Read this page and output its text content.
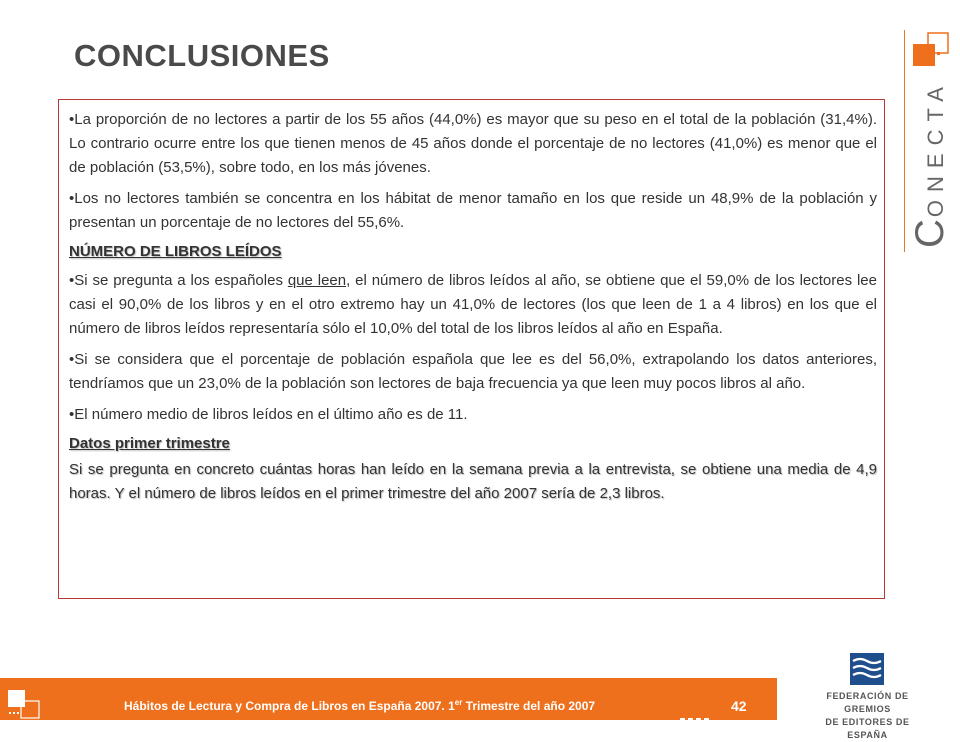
CONCLUSIONES
CONECTA

•La proporción de no lectores a partir de los 55 años (44,0%) es mayor que su peso en el total de la población (31,4%). Lo contrario ocurre entre los que tienen menos de 45 años donde el porcentaje de no lectores (41,0%) es menor que el de población (53,5%), sobre todo, en los más jóvenes.

•Los no lectores también se concentra en los hábitat de menor tamaño en los que reside un 48,9% de la población y presentan un porcentaje de no lectores del 55,6%.

NÚMERO DE LIBROS LEÍDOS

•Si se pregunta a los españoles que leen, el número de libros leídos al año, se obtiene que el 59,0% de los lectores lee casi el 90,0% de los libros y en el otro extremo hay un 41,0% de lectores (los que leen de 1 a 4 libros) en los que el número de libros leídos representaría sólo el 10,0% del total de los libros leídos al año en España.

•Si se considera que el porcentaje de población española que lee es del 56,0%, extrapolando los datos anteriores, tendríamos que un 23,0% de la población son lectores de baja frecuencia ya que leen muy pocos libros al año.

•El número medio de libros leídos en el último año es de 11.

Datos primer trimestre

Si se pregunta en concreto cuántas horas han leído en la semana previa a la entrevista, se obtiene una media de 4,9 horas. Y el número de libros leídos en el primer trimestre del año 2007 sería de 2,3 libros.

Hábitos de Lectura y Compra de Libros en España 2007. 1er Trimestre del año 2007	42
FEDERACIÓN DE GREMIOS
DE EDITORES DE ESPAÑA
